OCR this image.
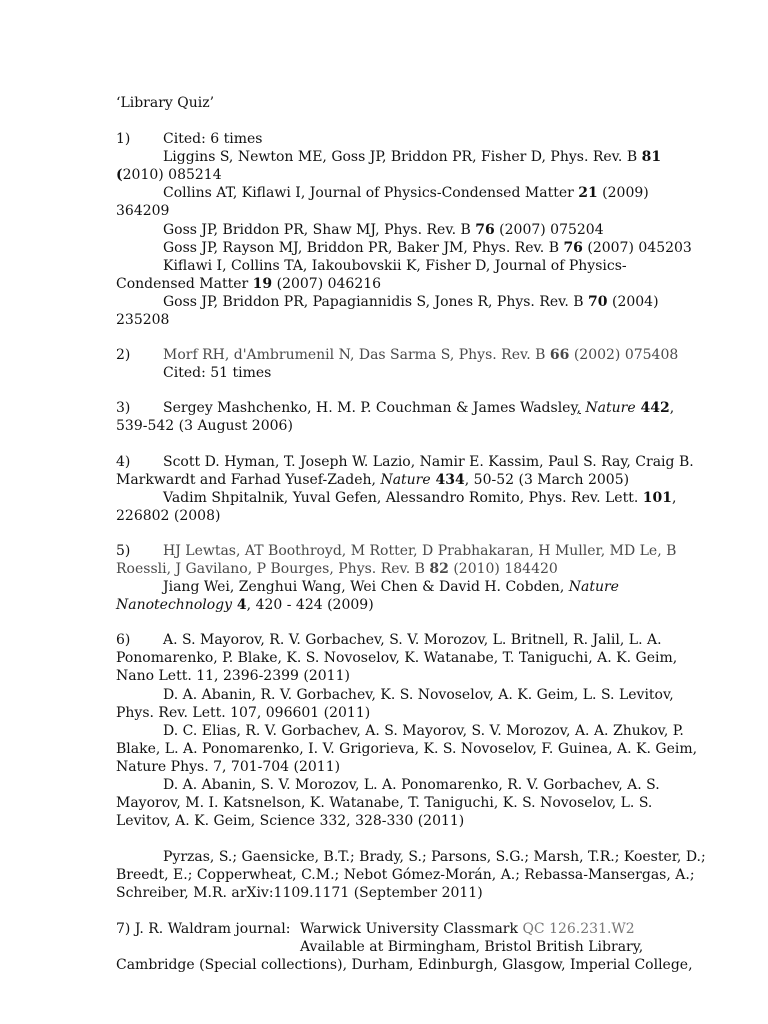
‘Library Quiz’
1) Cited: 6 times
Liggins S, Newton ME, Goss JP, Briddon PR, Fisher D, Phys. Rev. B 81
(2010) 085214
Collins AT, Kiflawi I, Journal of Physics-Condensed Matter 21 (2009)
364209
Goss JP, Briddon PR, Shaw MJ, Phys. Rev. B 76 (2007) 075204
Goss JP, Rayson MJ, Briddon PR, Baker JM, Phys. Rev. B 76 (2007) 045203
Kiflawi I, Collins TA, Iakoubovskii K, Fisher D, Journal of Physics-
Condensed Matter 19 (2007) 046216
Goss JP, Briddon PR, Papagiannidis S, Jones R, Phys. Rev. B 70 (2004)
235208
2) Morf RH, d'Ambrumenil N, Das Sarma S, Phys. Rev. B 66 (2002) 075408
Cited: 51 times
3) Sergey Mashchenko, H. M. P. Couchman & James Wadsley, Nature 442,
539-542 (3 August 2006)
4) Scott D. Hyman, T. Joseph W. Lazio, Namir E. Kassim, Paul S. Ray, Craig B.
Markwardt and Farhad Yusef-Zadeh, Nature 434, 50-52 (3 March 2005)
Vadim Shpitalnik, Yuval Gefen, Alessandro Romito, Phys. Rev. Lett. 101,
226802 (2008)
5) HJ Lewtas, AT Boothroyd, M Rotter, D Prabhakaran, H Muller, MD Le, B
Roessli, J Gavilano, P Bourges, Phys. Rev. B 82 (2010) 184420
Jiang Wei, Zenghui Wang, Wei Chen & David H. Cobden, Nature
Nanotechnology 4, 420 - 424 (2009)
6) A. S. Mayorov, R. V. Gorbachev, S. V. Morozov, L. Britnell, R. Jalil, L. A.
Ponomarenko, P. Blake, K. S. Novoselov, K. Watanabe, T. Taniguchi, A. K. Geim,
Nano Lett. 11, 2396-2399 (2011)
D. A. Abanin, R. V. Gorbachev, K. S. Novoselov, A. K. Geim, L. S. Levitov,
Phys. Rev. Lett. 107, 096601 (2011)
D. C. Elias, R. V. Gorbachev, A. S. Mayorov, S. V. Morozov, A. A. Zhukov, P.
Blake, L. A. Ponomarenko, I. V. Grigorieva, K. S. Novoselov, F. Guinea, A. K. Geim,
Nature Phys. 7, 701-704 (2011)
D. A. Abanin, S. V. Morozov, L. A. Ponomarenko, R. V. Gorbachev, A. S.
Mayorov, M. I. Katsnelson, K. Watanabe, T. Taniguchi, K. S. Novoselov, L. S.
Levitov, A. K. Geim, Science 332, 328-330 (2011)
Pyrzas, S.; Gaensicke, B.T.; Brady, S.; Parsons, S.G.; Marsh, T.R.; Koester, D.;
Breedt, E.; Copperwheat, C.M.; Nebot Gómez-Morán, A.; Rebassa-Mansergas, A.;
Schreiber, M.R. arXiv:1109.1171 (September 2011)
7) J. R. Waldram journal: Warwick University Classmark QC 126.231.W2
Available at Birmingham, Bristol British Library,
Cambridge (Special collections), Durham, Edinburgh, Glasgow, Imperial College,
